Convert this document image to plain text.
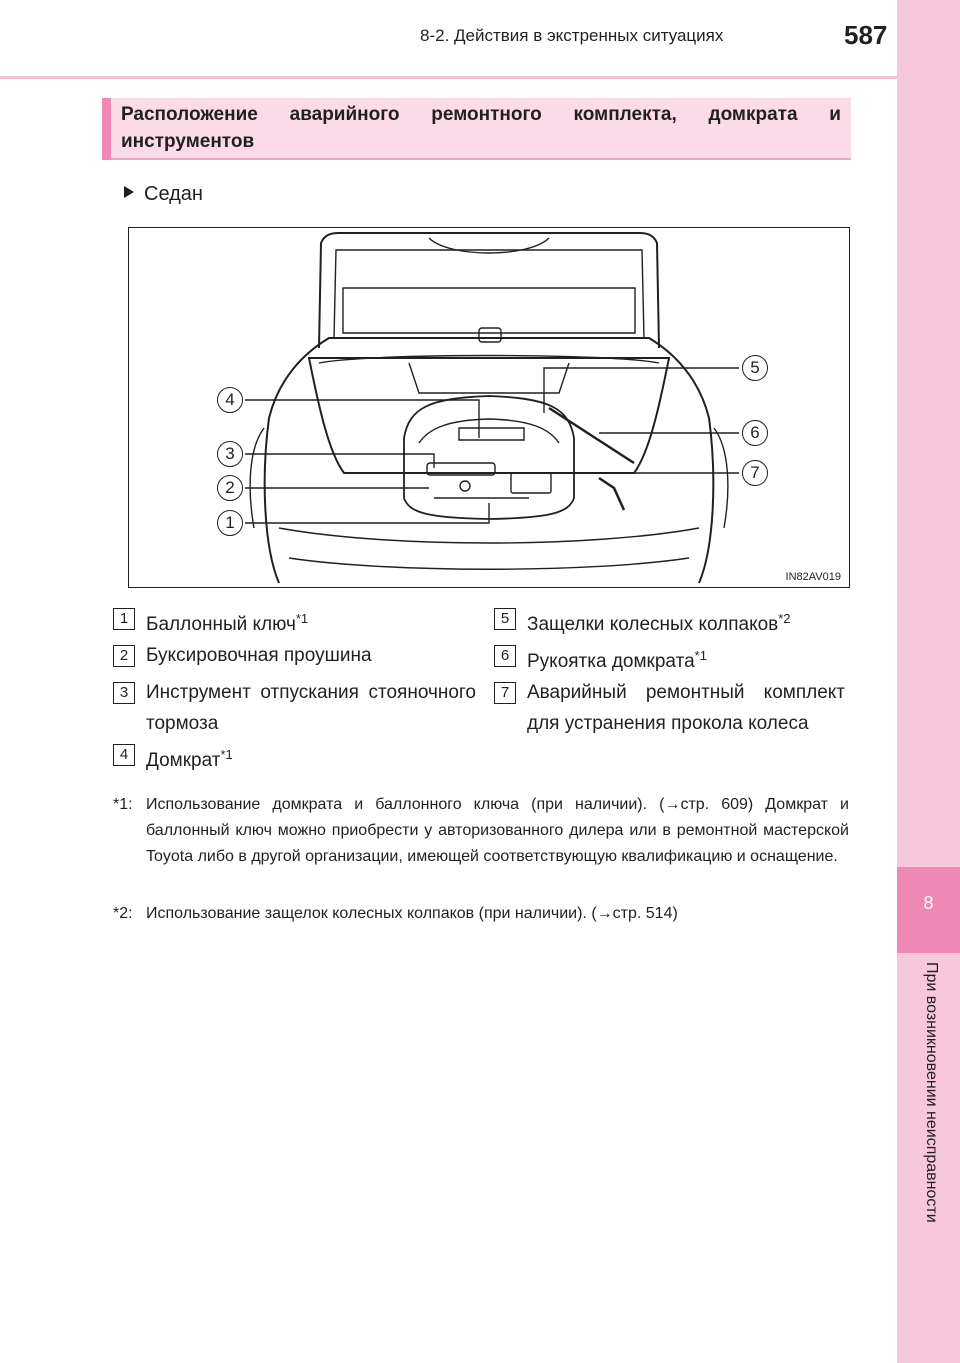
8-2. Действия в экстренных ситуациях	587
8
При возникновении неисправности
Расположение аварийного ремонтного комплекта, домкрата и инструментов
Седан
4
3
2
1
5
6
7
IN82AV019
1 Баллонный ключ$^{*1}$
2 Буксировочная проушина
3 Инструмент отпускания стояночного тормоза
4 Домкрат$^{*1}$
5 Защелки колесных колпаков$^{*2}$
6 Рукоятка домкрата$^{*1}$
7 Аварийный ремонтный комплект для устранения прокола колеса
*1: Использование домкрата и баллонного ключа (при наличии). (→стр. 609) Домкрат и баллонный ключ можно приобрести у авторизованного дилера или в ремонтной мастерской Toyota либо в другой организации, имеющей соответствующую квалификацию и оснащение.
*2: Использование защелок колесных колпаков (при наличии). (→стр. 514)
